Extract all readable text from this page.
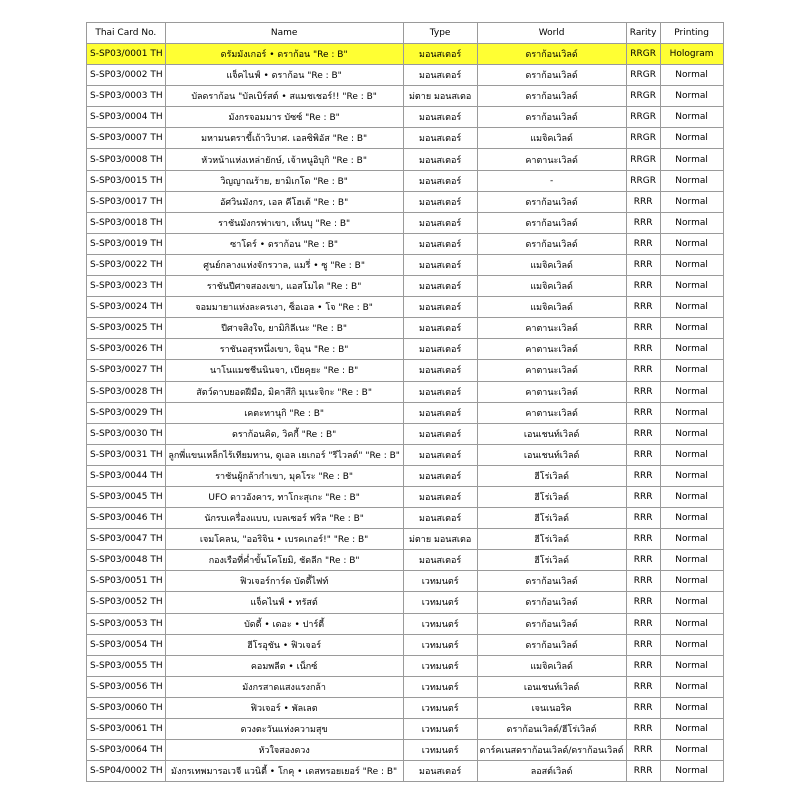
Thai Card No.	Name	Type	World	Rarity	Printing
S-SP03/0001 TH	ดรัมมังเกอร์ • ดราก้อน "Re : B"	มอนสเตอร์	ดราก้อนเวิลด์	RRGR	Hologram
S-SP03/0002 TH	แจ็คไนฟ์ • ดราก้อน "Re : B"	มอนสเตอร์	ดราก้อนเวิลด์	RRGR	Normal
S-SP03/0003 TH	บัลดราก้อน "บัลเบิร์สต์ • สแมชเชอร์!! "Re : B"	ม่ตาย มอนสเตอ	ดราก้อนเวิลด์	RRGR	Normal
S-SP03/0004 TH	มังกรจอมมาร บัซซ์ "Re : B"	มอนสเตอร์	ดราก้อนเวิลด์	RRGR	Normal
S-SP03/0007 TH	มหามนตราขี้เถ้าวิบาศ. เอลซิพิอัส "Re : B"	มอนสเตอร์	แมจิคเวิลด์	RRGR	Normal
S-SP03/0008 TH	หัวหน้าแห่งเหล่ายักษ์, เจ้าหนูอิบุกิ "Re : B"	มอนสเตอร์	คาตานะเวิลด์	RRGR	Normal
S-SP03/0015 TH	วิญญาณร้าย, ยามิเกโด "Re : B"	มอนสเตอร์	-	RRGR	Normal
S-SP03/0017 TH	อัศวินมังกร, เอล คีโฮเต้ "Re : B"	มอนสเตอร์	ดราก้อนเวิลด์	RRR	Normal
S-SP03/0018 TH	ราชันมังกรพ่าเขา, เท็นบุ "Re : B"	มอนสเตอร์	ดราก้อนเวิลด์	RRR	Normal
S-SP03/0019 TH	ซาโดร์ • ดราก้อน "Re : B"	มอนสเตอร์	ดราก้อนเวิลด์	RRR	Normal
S-SP03/0022 TH	ศูนย์กลางแห่งจักรวาล, แมรี่ • ซู "Re : B"	มอนสเตอร์	แมจิคเวิลด์	RRR	Normal
S-SP03/0023 TH	ราชันปีศาจสองเขา, แอสโมได "Re : B"	มอนสเตอร์	แมจิคเวิลด์	RRR	Normal
S-SP03/0024 TH	จอมมายาแห่งละครเงา, ซ็อเอล • โจ "Re : B"	มอนสเตอร์	แมจิคเวิลด์	RRR	Normal
S-SP03/0025 TH	ปีศาจสิงใจ, ยามิกิลีเนะ "Re : B"	มอนสเตอร์	คาตานะเวิลด์	RRR	Normal
S-SP03/0026 TH	ราชันอสุรหนึ่งเขา, จิอุน "Re : B"	มอนสเตอร์	คาตานะเวิลด์	RRR	Normal
S-SP03/0027 TH	นาโนแมชชีนนินจา, เบียคุยะ "Re : B"	มอนสเตอร์	คาตานะเวิลด์	RRR	Normal
S-SP03/0028 TH	สัตว์ดาบยอดฝีมือ, มิคาสึกิ มุเนะจิกะ "Re : B"	มอนสเตอร์	คาตานะเวิลด์	RRR	Normal
S-SP03/0029 TH	เคตะทานุกิ "Re : B"	มอนสเตอร์	คาตานะเวิลด์	RRR	Normal
S-SP03/0030 TH	ดราก้อนคิด, วิคกี้ "Re : B"	มอนสเตอร์	เอนเชนท์เวิลด์	RRR	Normal
S-SP03/0031 TH	ลูกพี่แขนเหล็กไร้เทียมทาน, ดูเอล เยเกอร์ "รีไวลต์" "Re : B"	มอนสเตอร์	เอนเชนท์เวิลด์	RRR	Normal
S-SP03/0044 TH	ราชันผู้กล้ากำเขา, มุคโระ "Re : B"	มอนสเตอร์	ฮีโร่เวิลด์	RRR	Normal
S-SP03/0045 TH	UFO ดาวอังคาร, ทาโกะสุเกะ "Re : B"	มอนสเตอร์	ฮีโร่เวิลด์	RRR	Normal
S-SP03/0046 TH	นักรบเครื่องแบบ, เบลเซอร์ ฟริล "Re : B"	มอนสเตอร์	ฮีโร่เวิลด์	RRR	Normal
S-SP03/0047 TH	เจมโคลน, "ออริจิน • เบรคเกอร์!" "Re : B"	ม่ตาย มอนสเตอ	ฮีโร่เวิลด์	RRR	Normal
S-SP03/0048 TH	กองเรือที่ค่ำขั้นโคโยมิ, ชัดลีก "Re : B"	มอนสเตอร์	ฮีโร่เวิลด์	RRR	Normal
S-SP03/0051 TH	ฟิวเจอร์การ์ด บัดดี้ไฟท์	เวทมนตร์	ดราก้อนเวิลด์	RRR	Normal
S-SP03/0052 TH	แจ็คไนฟ์ • ทรัสต์	เวทมนตร์	ดราก้อนเวิลด์	RRR	Normal
S-SP03/0053 TH	บัดดี้ • เดอะ • ปาร์ตี้	เวทมนตร์	ดราก้อนเวิลด์	RRR	Normal
S-SP03/0054 TH	ฮีโรอุชัน • ฟิวเจอร์	เวทมนตร์	ดราก้อนเวิลด์	RRR	Normal
S-SP03/0055 TH	คอมพลีต • เน็กซ์	เวทมนตร์	แมจิคเวิลด์	RRR	Normal
S-SP03/0056 TH	มังกรสาดแสงแรงกล้า	เวทมนตร์	เอนเชนท์เวิลด์	RRR	Normal
S-SP03/0060 TH	ฟิวเจอร์ • พัลเลต	เวทมนตร์	เจนเนอริค	RRR	Normal
S-SP03/0061 TH	ดวงตะวันแห่งความสุข	เวทมนตร์	ดราก้อนเวิลด์/ฮีโร่เวิลด์	RRR	Normal
S-SP03/0064 TH	หัวใจสองดวง	เวทมนตร์	ดาร์คเนสดราก้อนเวิลด์/ดราก้อนเวิลด์	RRR	Normal
S-SP04/0002 TH	มังกรเทพมารอเวจี แวนิตี้ • โกคุ • เดสทรอยเยอร์ "Re : B"	มอนสเตอร์	ลอสต์เวิลด์	RRR	Normal
